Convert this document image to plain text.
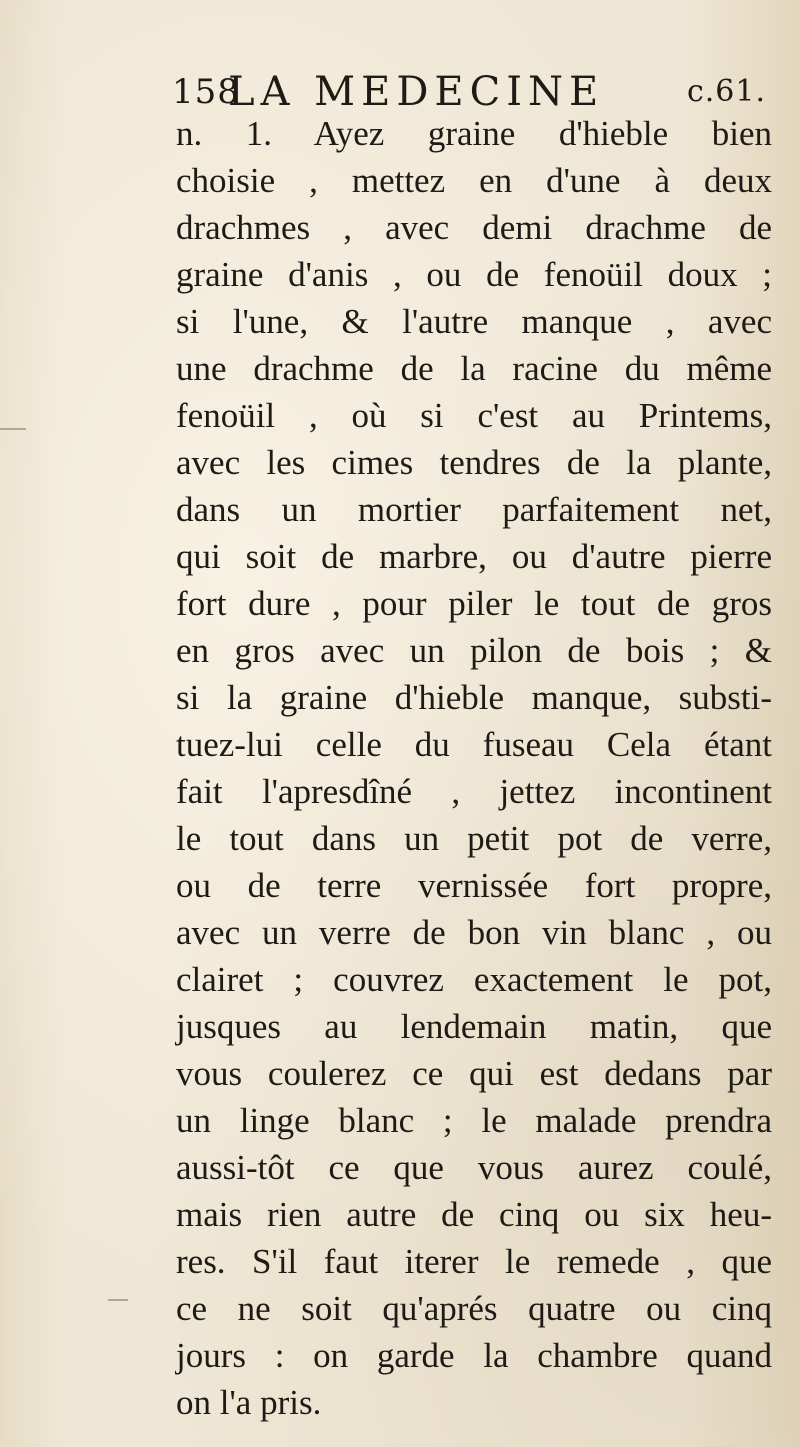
158
LA MEDECINE	c.61.
n. 1. Ayez graine d'hieble bien
choisie , mettez en d'une à deux
drachmes , avec demi drachme de
graine d'anis , ou de fenoüil doux ;
si l'une, & l'autre manque , avec
une drachme de la racine du même
fenoüil , où si c'est au Printems,
avec les cimes tendres de la plante,
dans un mortier parfaitement net,
qui soit de marbre, ou d'autre pierre
fort dure , pour piler le tout de gros
en gros avec un pilon de bois ; &
si la graine d'hieble manque, substi-
tuez-lui celle du fuseau Cela étant
fait l'apresdîné , jettez incontinent
le tout dans un petit pot de verre,
ou de terre vernissée fort propre,
avec un verre de bon vin blanc , ou
clairet ; couvrez exactement le pot,
jusques au lendemain matin, que
vous coulerez ce qui est dedans par
un linge blanc ; le malade prendra
aussi-tôt ce que vous aurez coulé,
mais rien autre de cinq ou six heu-
res. S'il faut iterer le remede , que
ce ne soit qu'aprés quatre ou cinq
jours : on garde la chambre quand
on l'a pris.
